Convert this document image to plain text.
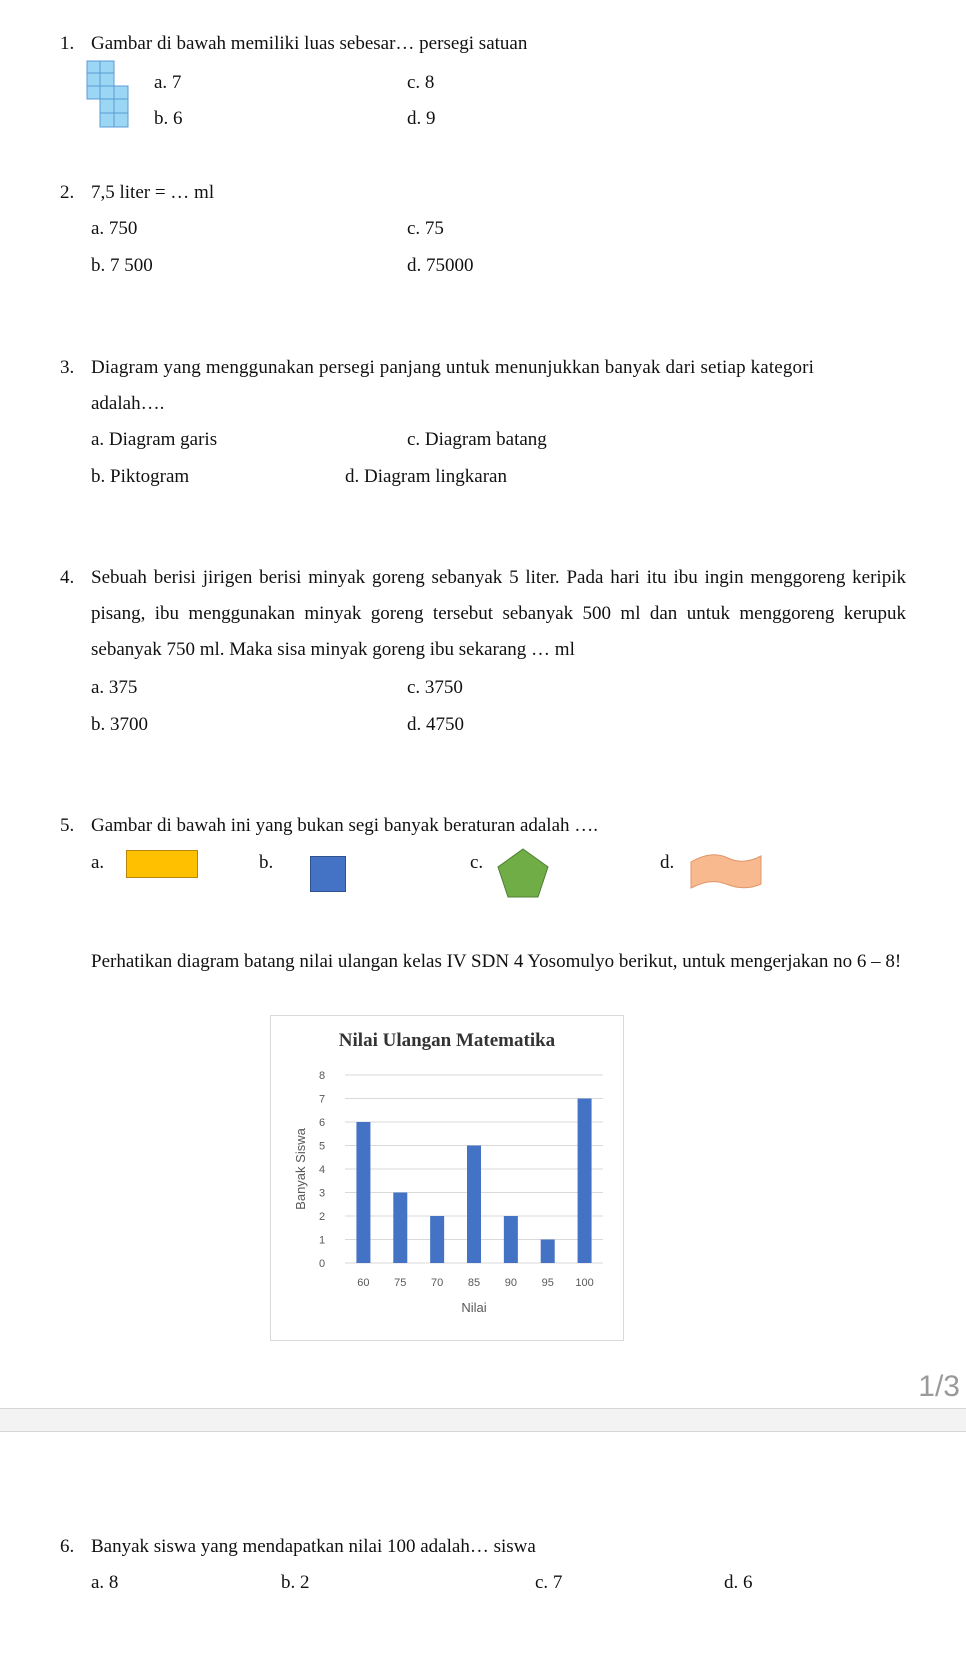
1. Gambar di bawah memiliki luas sebesar… persegi satuan
a. 7	c. 8
b. 6	d. 9
2. 7,5 liter = … ml
a. 750	c. 75
b. 7 500	d. 75000
3. Diagram yang menggunakan persegi panjang untuk menunjukkan banyak dari setiap kategori
adalah….
a. Diagram garis	c. Diagram batang
b. Piktogram	d. Diagram lingkaran
4. Sebuah berisi jirigen berisi minyak goreng sebanyak 5 liter. Pada hari itu ibu ingin menggoreng keripik pisang, ibu menggunakan minyak goreng tersebut sebanyak 500 ml dan untuk menggoreng kerupuk sebanyak 750 ml. Maka sisa minyak goreng ibu sekarang … ml
a. 375	c. 3750
b. 3700	d. 4750
5. Gambar di bawah ini yang bukan segi banyak beraturan adalah ….
a.	b.	c.	d.
Perhatikan diagram batang nilai ulangan kelas IV SDN 4 Yosomulyo berikut, untuk mengerjakan no 6 – 8!
Nilai Ulangan Matematika
0
1
2
3
4
5
6
7
8
60 75 70 85 90 95 100
Nilai
Banyak Siswa
1/3
6. Banyak siswa yang mendapatkan nilai 100 adalah… siswa
a. 8	b. 2	c. 7	d. 6
